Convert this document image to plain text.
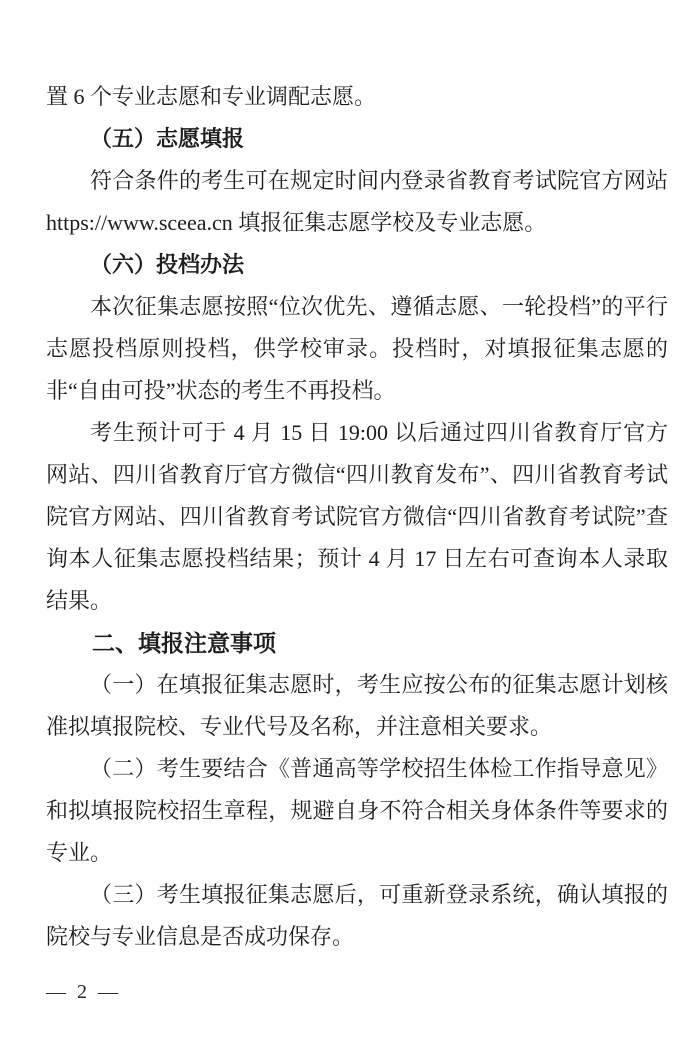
置 6 个专业志愿和专业调配志愿。

（五）志愿填报

符合条件的考生可在规定时间内登录省教育考试院官方网站 https://www.sceea.cn 填报征集志愿学校及专业志愿。

（六）投档办法

本次征集志愿按照“位次优先、遵循志愿、一轮投档”的平行志愿投档原则投档，供学校审录。投档时，对填报征集志愿的非“自由可投”状态的考生不再投档。

考生预计可于 4 月 15 日 19:00 以后通过四川省教育厅官方网站、四川省教育厅官方微信“四川教育发布”、四川省教育考试院官方网站、四川省教育考试院官方微信“四川省教育考试院”查询本人征集志愿投档结果；预计 4 月 17 日左右可查询本人录取结果。

二、填报注意事项

（一）在填报征集志愿时，考生应按公布的征集志愿计划核准拟填报院校、专业代号及名称，并注意相关要求。

（二）考生要结合《普通高等学校招生体检工作指导意见》和拟填报院校招生章程，规避自身不符合相关身体条件等要求的专业。

（三）考生填报征集志愿后，可重新登录系统，确认填报的院校与专业信息是否成功保存。

— 2 —
